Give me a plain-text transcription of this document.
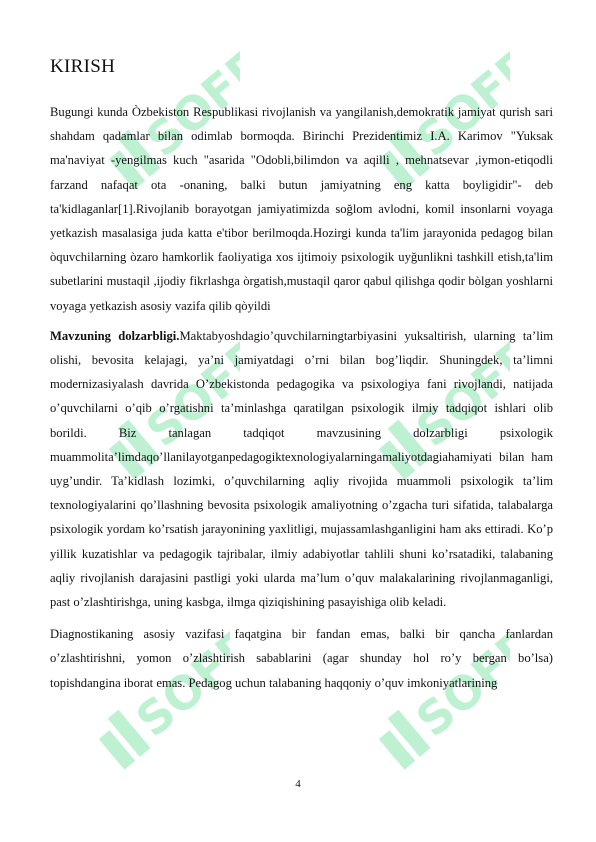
SOFF	SOFF
SOFF	SOFF
SOFF	SOFF
KIRISH

Bugungi kunda Òzbekiston Respublikasi rivojlanish va yangilanish,demokratik jamiyat qurish sari shahdam qadamlar bilan odimlab bormoqda. Birinchi Prezidentimiz I.A. Karimov "Yuksak ma'naviyat -yengilmas kuch "asarida "Odobli,bilimdon va aqilli , mehnatsevar ,iymon-etiqodli farzand nafaqat ota -onaning, balki butun jamiyatning eng katta boyligidir"- deb ta'kidlaganlar[1].Rivojlanib borayotgan jamiyatimizda soğlom avlodni, komil insonlarni voyaga yetkazish masalasiga juda katta e'tibor berilmoqda.Hozirgi kunda ta'lim jarayonida pedagog bilan òquvchilarning òzaro hamkorlik faoliyatiga xos ijtimoiy psixologik uyğunlikni tashkill etish,ta'lim subetlarini mustaqil ,ijodiy fikrlashga òrgatish,mustaqil qaror qabul qilishga qodir bòlgan yoshlarni voyaga yetkazish asosiy vazifa qilib qòyildi

Mavzuning dolzarbligi.Maktabyoshdagio’quvchilarningtarbiyasini yuksaltirish, ularning ta’lim olishi, bevosita kelajagi, ya’ni jamiyatdagi o’rni bilan bog’liqdir. Shuningdek, ta’limni modernizasiyalash davrida O’zbekistonda pedagogika va psixologiya fani rivojlandi, natijada o’quvchilarni o’qib o’rgatishni ta’minlashga qaratilgan psixologik ilmiy tadqiqot ishlari olib borildi. Biz tanlagan tadqiqot mavzusining dolzarbligi psixologik muammolita’limdaqo’llanilayotganpedagogiktexnologiyalarningamaliyotdagiahamiyati bilan ham uyg’undir. Ta’kidlash lozimki, o’quvchilarning aqliy rivojida muammoli psixologik ta’lim texnologiyalarini qo’llashning bevosita psixologik amaliyotning o’zgacha turi sifatida, talabalarga psixologik yordam ko’rsatish jarayonining yaxlitligi, mujassamlashganligini ham aks ettiradi. Ko’p yillik kuzatishlar va pedagogik tajribalar, ilmiy adabiyotlar tahlili shuni ko’rsatadiki, talabaning aqliy rivojlanish darajasini pastligi yoki ularda ma’lum o’quv malakalarining rivojlanmaganligi, past o’zlashtirishga, uning kasbga, ilmga qiziqishining pasayishiga olib keladi.

Diagnostikaning asosiy vazifasi faqatgina bir fandan emas, balki bir qancha fanlardan o’zlashtirishni, yomon o’zlashtirish sabablarini (agar shunday hol ro’y bergan bo’lsa) topishdangina iborat emas. Pedagog uchun talabaning haqqoniy o’quv imkoniyatlarining

4
